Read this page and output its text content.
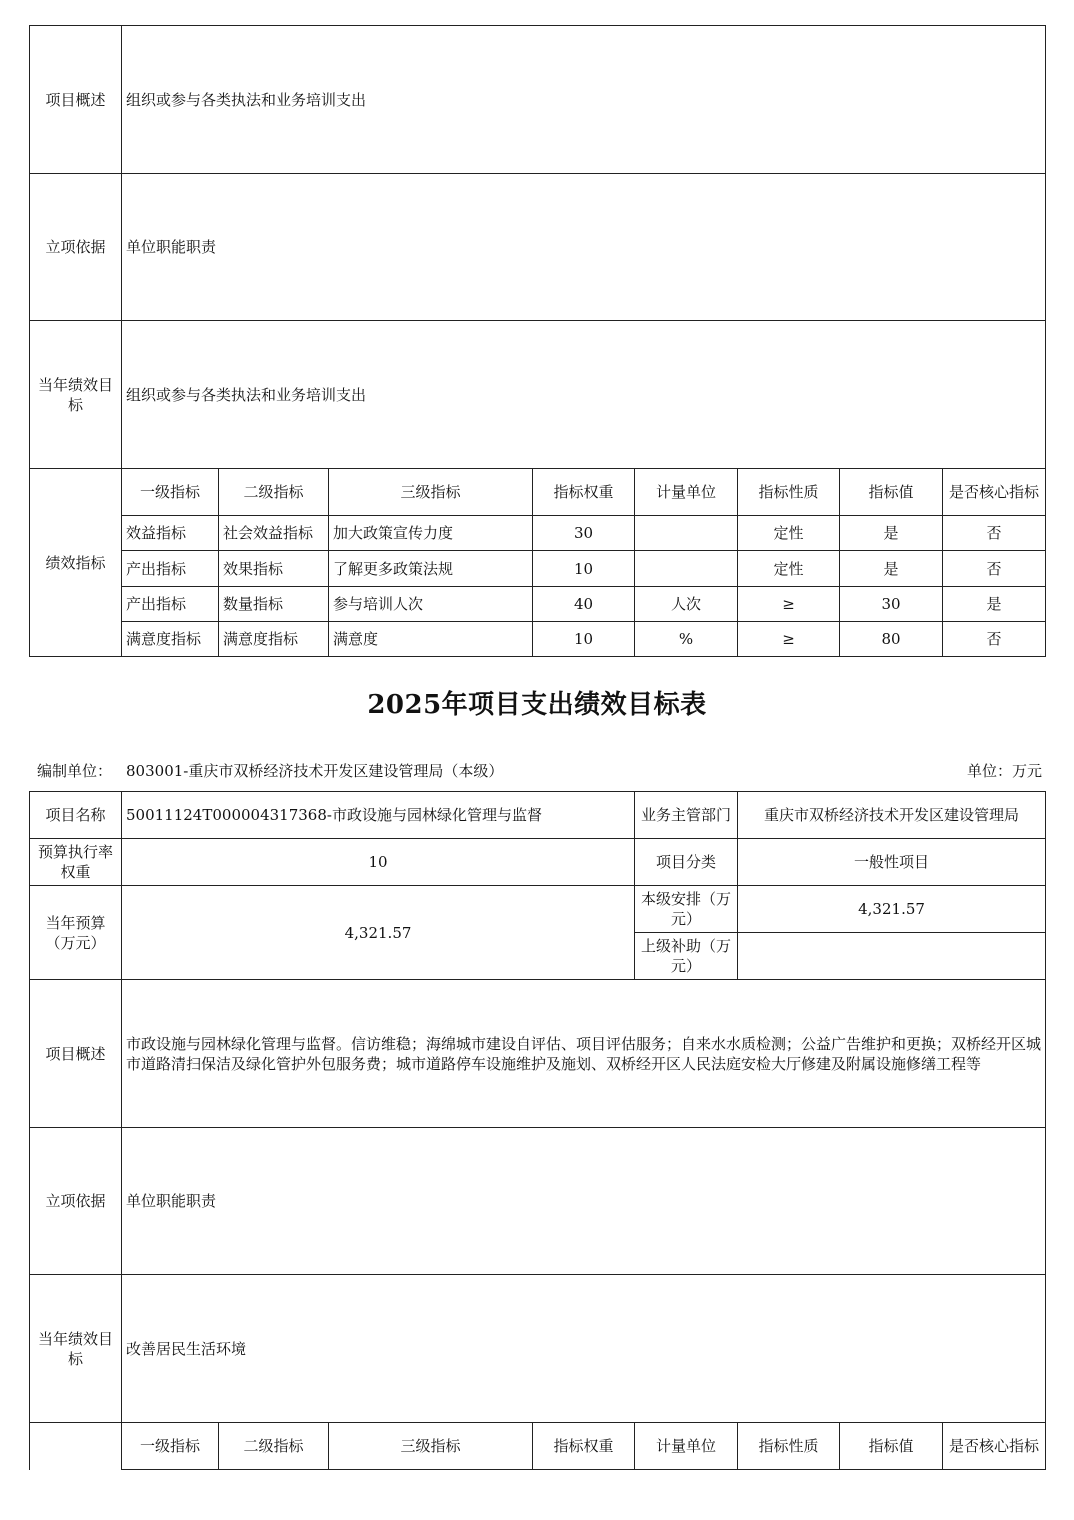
项目概述	组织或参与各类执法和业务培训支出							
立项依据	单位职能职责							
当年绩效目标	组织或参与各类执法和业务培训支出							
绩效指标	一级指标	二级指标	三级指标	指标权重	计量单位	指标性质	指标值	是否核心指标
	效益指标	社会效益指标	加大政策宣传力度	30		定性	是	否
	产出指标	效果指标	了解更多政策法规	10		定性	是	否
	产出指标	数量指标	参与培训人次	40	人次	≥	30	是
	满意度指标	满意度指标	满意度	10	%	≥	80	否
2025年项目支出绩效目标表
编制单位： 803001-重庆市双桥经济技术开发区建设管理局（本级）	单位：万元
项目名称	50011124T000004317368-市政设施与园林绿化管理与监督				业务主管部门	重庆市双桥经济技术开发区建设管理局		
预算执行率权重	10				项目分类	一般性项目		
当年预算（万元）	4,321.57				本级安排（万元）	4,321.57		
					上级补助（万元）			
项目概述	市政设施与园林绿化管理与监督。信访维稳；海绵城市建设自评估、项目评估服务；自来水水质检测；公益广告维护和更换；双桥经开区城市道路清扫保洁及绿化管护外包服务费；城市道路停车设施维护及施划、双桥经开区人民法庭安检大厅修建及附属设施修缮工程等							
立项依据	单位职能职责							
当年绩效目标	改善居民生活环境							
	一级指标	二级指标	三级指标	指标权重	计量单位	指标性质	指标值	是否核心指标
